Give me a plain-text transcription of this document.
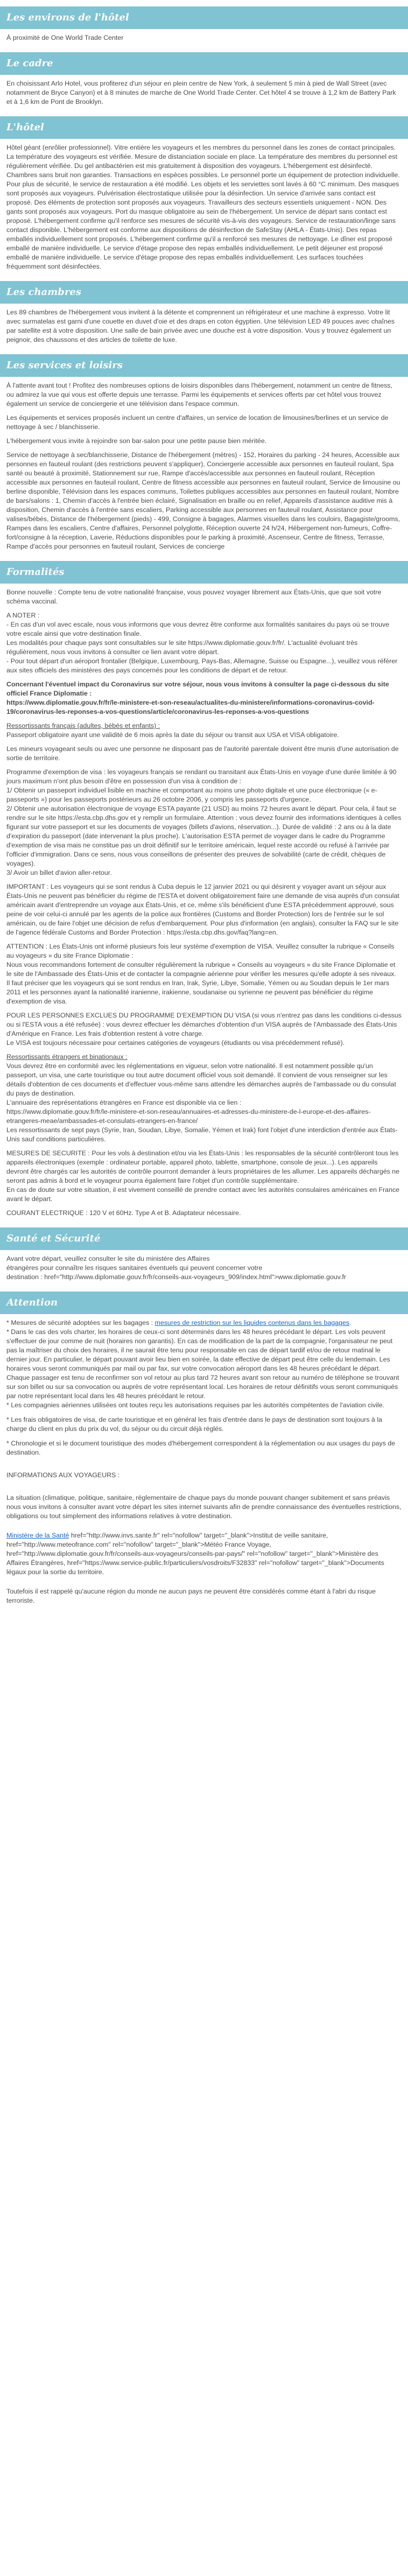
Les environs de l'hôtel

À proximité de One World Trade Center

Le cadre

En choisissant Arlo Hotel, vous profiterez d'un séjour en plein centre de New York, à seulement 5 min à pied de Wall Street (avec notamment de Bryce Canyon) et à 8 minutes de marche de One World Trade Center. Cet hôtel 4 se trouve à 1,2 km de Battery Park et à 1,6 km de Pont de Brooklyn.

L'hôtel

Hôtel géant (enrôlier professionnel). Vitre entière les voyageurs et les membres du personnel dans les zones de contact principales. La température des voyageurs est vérifiée. Mesure de distanciation sociale en place. La température des membres du personnel est régulièrement vérifiée. Du gel antibactérien est mis gratuitement à disposition des voyageurs. L'hébergement est désinfecté. Chambres sans bruit non garanties. Transactions en espèces possibles. Le personnel porte un équipement de protection individuelle. Pour plus de sécurité, le service de restauration a été modifié. Les objets et les serviettes sont lavés à 60 °C minimum. Des masques sont proposés aux voyageurs. Pulvérisation électrostatique utilisée pour la désinfection. Un service d'arrivée sans contact est proposé. Des éléments de protection sont proposés aux voyageurs. Travailleurs des secteurs essentiels uniquement - NON. Des gants sont proposés aux voyageurs. Port du masque obligatoire au sein de l'hébergement. Un service de départ sans contact est proposé. L'hébergement confirme qu'il renforce ses mesures de sécurité vis-à-vis des voyageurs. Service de restauration/linge sans contact disponible. L'hébergement est conforme aux dispositions de désinfection de SafeStay (AHLA - États-Unis). Des repas emballés individuellement sont proposés. L'hébergement confirme qu'il a renforcé ses mesures de nettoyage. Le dîner est proposé emballé de manière individuelle. Le service d'étage propose des repas emballés individuellement. Le petit déjeuner est proposé emballé de manière individuelle. Le service d'étage propose des repas emballés individuellement. Les surfaces touchées fréquemment sont désinfectées.

Les chambres

Les 89 chambres de l'hébergement vous invitent à la détente et comprennent un réfrigérateur et une machine à expresso. Votre lit avec surmatelas est garni d'une couette en duvet d'oie et des draps en coton égyptien. Une télévision LED 49 pouces avec chaînes par satellite est à votre disposition. Une salle de bain privée avec une douche est à votre disposition. Vous y trouvez également un peignoir, des chaussons et des articles de toilette de luxe.

Les services et loisirs

À l'attente avant tout ! Profitez des nombreuses options de loisirs disponibles dans l'hébergement, notamment un centre de fitness, ou admirez la vue qui vous est offerte depuis une terrasse. Parmi les équipements et services offerts par cet hôtel vous trouvez également un service de conciergerie et une télévision dans l'espace commun.

Les équipements et services proposés incluent un centre d'affaires, un service de location de limousines/berlines et un service de nettoyage à sec / blanchisserie.

L'hébergement vous invite à rejoindre son bar-salon pour une petite pause bien méritée.

Service de nettoyage à sec/blanchisserie, Distance de l'hébergement (mètres) - 152, Horaires du parking - 24 heures, Accessible aux personnes en fauteuil roulant (des restrictions peuvent s'appliquer), Conciergerie accessible aux personnes en fauteuil roulant, Spa santé ou beauté à proximité, Stationnement sur rue, Rampe d'accès/accessible aux personnes en fauteuil roulant, Réception accessible aux personnes en fauteuil roulant, Centre de fitness accessible aux personnes en fauteuil roulant, Service de limousine ou berline disponible, Télévision dans les espaces communs, Toilettes publiques accessibles aux personnes en fauteuil roulant, Nombre de bars/salons : 1, Chemin d'accès à l'entrée bien éclairé, Signalisation en braille ou en relief, Appareils d'assistance auditive mis à disposition, Chemin d'accès à l'entrée sans escaliers, Parking accessible aux personnes en fauteuil roulant, Assistance pour valises/bébés, Distance de l'hébergement (pieds) - 499, Consigne à bagages, Alarmes visuelles dans les couloirs, Bagagiste/grooms, Rampes dans les escaliers, Centre d'affaires, Personnel polyglotte, Réception ouverte 24 h/24, Hébergement non-fumeurs, Coffre-fort/consigne à la réception, Laverie, Réductions disponibles pour le parking à proximité, Ascenseur, Centre de fitness, Terrasse, Rampe d'accès pour personnes en fauteuil roulant, Services de concierge

Formalités

Bonne nouvelle : Compte tenu de votre nationalité française, vous pouvez voyager librement aux États-Unis, que que soit votre schéma vaccinal.

A NOTER :
- En cas d'un vol avec escale, nous vous informons que vous devrez être conforme aux formalités sanitaires du pays où se trouve votre escale ainsi que votre destination finale.
Les modalités pour chaque pays sont consultables sur le site https://www.diplomatie.gouv.fr/fr/. L'actualité évoluant très régulièrement, nous vous invitons à consulter ce lien avant votre départ.

- Pour tout départ d'un aéroport frontalier (Belgique, Luxembourg, Pays-Bas, Allemagne, Suisse ou Espagne...), veuillez vous référer aux sites officiels des ministères des pays concernés pour les conditions de départ et de retour.

Concernant l'éventuel impact du Coronavirus sur votre séjour, nous vous invitons à consulter la page ci-dessous du site officiel France Diplomatie :

https://www.diplomatie.gouv.fr/fr/le-ministere-et-son-reseau/actualites-du-ministere/informations-coronavirus-covid-19/coronavirus-les-reponses-a-vos-questions/article/coronavirus-les-reponses-a-vos-questions

Ressortissants français (adultes, bébés et enfants) :

Passeport obligatoire ayant une validité de 6 mois après la date du séjour ou transit aux USA et VISA obligatoire.

Les mineurs voyageant seuls ou avec une personne ne disposant pas de l'autorité parentale doivent être munis d'une autorisation de sortie de territoire.

Programme d'exemption de visa : les voyageurs français se rendant ou transitant aux États-Unis en voyage d'une durée limitée à 90 jours maximum n'ont plus besoin d'être en possession d'un visa à condition de :
1/ Obtenir un passeport individuel lisible en machine et comportant au moins une photo digitale et une puce électronique (« e-passeports ») pour les passeports postérieurs au 26 octobre 2006, y compris les passeports d'urgence.
2/ Obtenir une autorisation électronique de voyage ESTA payante (21 USD) au moins 72 heures avant le départ. Pour cela, il faut se rendre sur le site https://esta.cbp.dhs.gov et y remplir un formulaire. Attention : vous devez fournir des informations identiques à celles figurant sur votre passeport et sur les documents de voyages (billets d'avions, réservation...). Durée de validité : 2 ans ou à la date d'expiration du passeport (date intervenant la plus proche). L'autorisation ESTA permet de voyager dans le cadre du Programme d'exemption de visa mais ne constitue pas un droit définitif sur le territoire américain, lequel reste accordé ou refusé à l'arrivée par l'officier d'immigration. Dans ce sens, nous vous conseillons de présenter des preuves de solvabilité (carte de crédit, chèques de voyages).

3/ Avoir un billet d'avion aller-retour.

IMPORTANT : Les voyageurs qui se sont rendus à Cuba depuis le 12 janvier 2021 ou qui désirent y voyager avant un séjour aux États-Unis ne peuvent pas bénéficier du régime de l'ESTA et doivent obligatoirement faire une demande de visa auprès d'un consulat américain avant d'entreprendre un voyage aux États-Unis, et ce, même s'ils bénéficient d'une ESTA précédemment approuvé, sous peine de voir celui-ci annulé par les agents de la police aux frontières (Customs and Border Protection) lors de l'entrée sur le sol américain, ou de faire l'objet une décision de refus d'embarquement. Pour plus d'information (en anglais), consulter la FAQ sur le site de l'agence fédérale Customs and Border Protection : https://esta.cbp.dhs.gov/faq?lang=en.

ATTENTION : Les États-Unis ont informé plusieurs fois leur système d'exemption de VISA. Veuillez consulter la rubrique « Conseils au voyageurs » du site France Diplomatie :
Nous vous recommandons fortement de consulter régulièrement la rubrique « Conseils au voyageurs » du site France Diplomatie et le site de l'Ambassade des États-Unis et de contacter la compagnie aérienne pour vérifier les mesures qu'elle adopte à ses niveaux.

Il faut préciser que les voyageurs qui se sont rendus en Iran, Irak, Syrie, Libye, Somalie, Yémen ou au Soudan depuis le 1er mars 2011 et les personnes ayant la nationalité iranienne, irakienne, soudanaise ou syrienne ne peuvent pas bénéficier du régime d'exemption de visa.

POUR LES PERSONNES EXCLUES DU PROGRAMME D'EXEMPTION DU VISA (si vous n'entrez pas dans les conditions ci-dessus ou si l'ESTA vous a été refusée) : vous devrez effectuer les démarches d'obtention d'un VISA auprès de l'Ambassade des États-Unis d'Amérique en France. Les frais d'obtention restent à votre charge.

Le VISA est toujours nécessaire pour certaines catégories de voyageurs (étudiants ou visa précédemment refusé).

Ressortissants étrangers et binationaux :
Vous devrez être en conformité avec les réglementations en vigueur, selon votre nationalité. Il est notamment possible qu'un passeport, un visa, une carte touristique ou tout autre document officiel vous soit demandé. Il convient de vous renseigner sur les détails d'obtention de ces documents et d'effectuer vous-même sans attendre les démarches auprès de l'ambassade ou du consulat du pays de destination.
L'annuaire des représentations étrangères en France est disponible via ce lien :
https://www.diplomatie.gouv.fr/fr/le-ministere-et-son-reseau/annuaires-et-adresses-du-ministere-de-l-europe-et-des-affaires-etrangeres-meae/ambassades-et-consulats-etrangers-en-france/

Les ressortissants de sept pays (Syrie, Iran, Soudan, Libye, Somalie, Yémen et Irak) font l'objet d'une interdiction d'entrée aux États-Unis sauf conditions particulières.

MESURES DE SECURITE : Pour les vols à destination et/ou via les États-Unis : les responsables de la sécurité contrôleront tous les appareils électroniques (exemple : ordinateur portable, appareil photo, tablette, smartphone, console de jeux...). Les appareils devront être chargés car les autorités de contrôle pourront demander à leurs propriétaires de les allumer. Les appareils déchargés ne seront pas admis à bord et le voyageur pourra également faire l'objet d'un contrôle supplémentaire.

En cas de doute sur votre situation, il est vivement conseillé de prendre contact avec les autorités consulaires américaines en France avant le départ.

COURANT ELECTRIQUE : 120 V et 60Hz. Type A et B. Adaptateur nécessaire.

Santé et Sécurité
Avant votre départ, veuillez consulter le site du ministère des Affaires
étrangères pour connaître les risques sanitaires éventuels qui peuvent concerner votre

destination : href="http://www.diplomatie.gouv.fr/fr/conseils-aux-voyageurs_909/index.html">www.diplomatie.gouv.fr

Attention
* Mesures de sécurité adoptées sur les bagages : mesures de restriction sur les liquides contenus dans les bagages.
* Dans le cas des vols charter, les horaires de ceux-ci sont déterminés dans les 48 heures précédant le départ. Les vols peuvent s'effectuer de jour comme de nuit (horaires non garantis). En cas de modification de la part de la compagnie, l'organisateur ne peut pas la maîtriser du choix des horaires, il ne saurait être tenu pour responsable en cas de départ tardif et/ou de retour matinal le dernier jour. En particulier, le départ pouvant avoir lieu bien en soirée, la date effective de départ peut être celle du lendemain. Les horaires vous seront communiqués par mail ou par fax, sur votre convocation aéroport dans les 48 heures précédant le départ. Chaque passager est tenu de reconfirmer son vol retour au plus tard 72 heures avant son retour au numéro de téléphone se trouvant sur son billet ou sur sa convocation ou auprès de votre représentant local. Les horaires de retour définitifs vous seront communiqués par notre représentant local dans les 48 heures précédant le retour.
* Les compagnies aériennes utilisées ont toutes reçu les autorisations requises par les autorités compétentes de l'aviation civile.
* Les frais obligatoires de visa, de carte touristique et en général les frais d'entrée dans le pays de destination sont toujours à la charge du client en plus du prix du vol, du séjour ou du circuit déjà réglés.

* Chronologie et si le document touristique des modes d'hébergement correspondent à la réglementation ou aux usages du pays de destination.

INFORMATIONS AUX VOYAGEURS :

La situation (climatique, politique, sanitaire, réglementaire de chaque pays du monde pouvant changer subitement et sans préavis

nous vous invitons à consulter avant votre départ les sites internet suivants afin de prendre connaissance des éventuelles restrictions, obligations ou tout simplement des informations relatives à votre destination.

Ministère de la Santé href="http://www.invs.sante.fr" rel="nofollow" target="_blank">Institut de veille sanitaire, href="http://www.meteofrance.com" rel="nofollow" target="_blank">Météo France Voyage, href="http://www.diplomatie.gouv.fr/fr/conseils-aux-voyageurs/conseils-par-pays/" rel="nofollow" target="_blank">Ministère des Affaires Étrangères, href="https://www.service-public.fr/particuliers/vosdroits/F32833" rel="nofollow" target="_blank">Documents légaux pour la sortie du territoire.

Toutefois il est rappelé qu'aucune région du monde ne aucun pays ne peuvent être considérés comme étant à l'abri du risque terroriste.
